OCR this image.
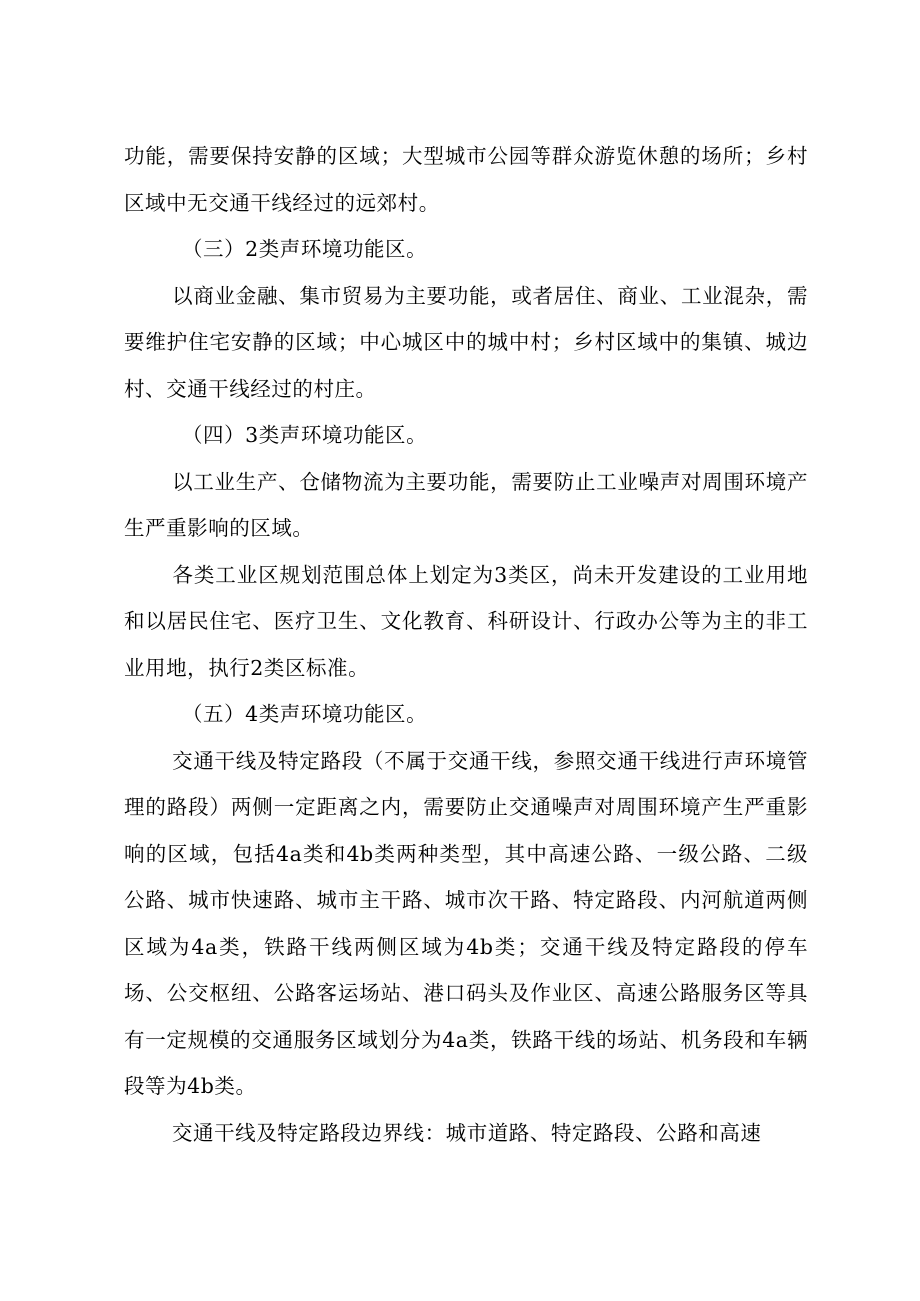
功能，需要保持安静的区域；大型城市公园等群众游览休憩的场所；乡村区域中无交通干线经过的远郊村。

（三）2类声环境功能区。

以商业金融、集市贸易为主要功能，或者居住、商业、工业混杂，需要维护住宅安静的区域；中心城区中的城中村；乡村区域中的集镇、城边村、交通干线经过的村庄。

（四）3类声环境功能区。

以工业生产、仓储物流为主要功能，需要防止工业噪声对周围环境产生严重影响的区域。

各类工业区规划范围总体上划定为3类区，尚未开发建设的工业用地和以居民住宅、医疗卫生、文化教育、科研设计、行政办公等为主的非工业用地，执行2类区标准。

（五）4类声环境功能区。

交通干线及特定路段（不属于交通干线，参照交通干线进行声环境管理的路段）两侧一定距离之内，需要防止交通噪声对周围环境产生严重影响的区域，包括4a类和4b类两种类型，其中高速公路、一级公路、二级公路、城市快速路、城市主干路、城市次干路、特定路段、内河航道两侧区域为4a类，铁路干线两侧区域为4b类；交通干线及特定路段的停车场、公交枢纽、公路客运场站、港口码头及作业区、高速公路服务区等具有一定规模的交通服务区域划分为4a类，铁路干线的场站、机务段和车辆段等为4b类。

交通干线及特定路段边界线：城市道路、特定路段、公路和高速
